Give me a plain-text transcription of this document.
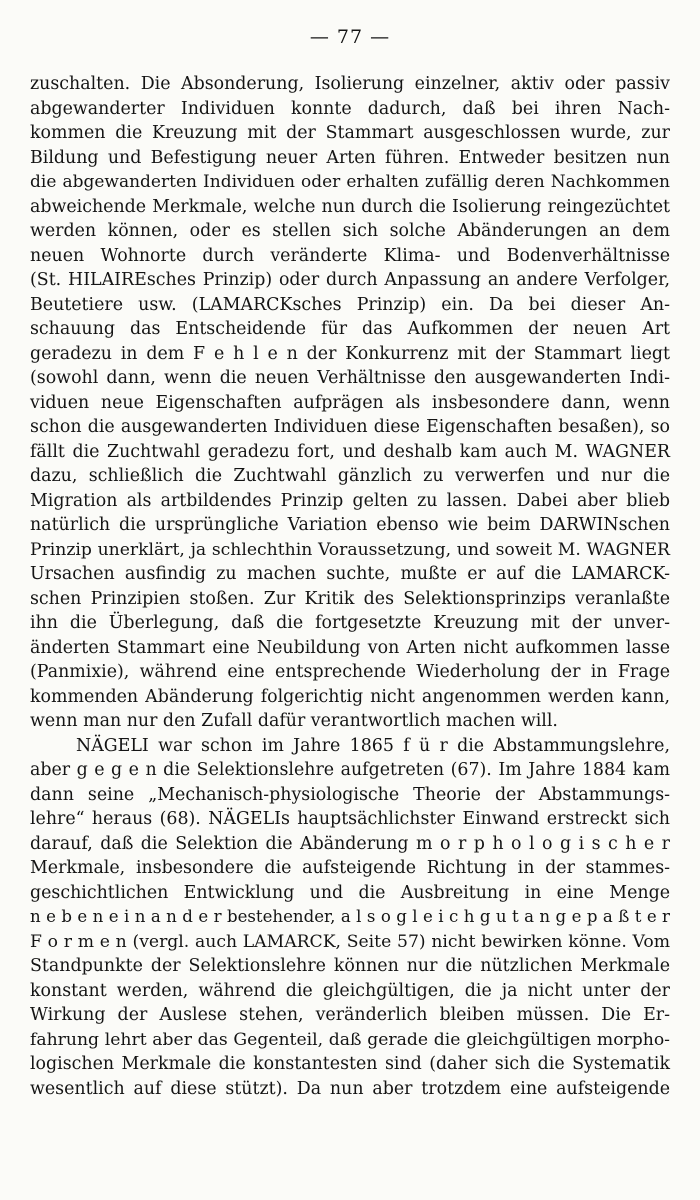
— 77 —
zuschalten. Die Absonderung, Isolierung einzelner, aktiv oder passiv
abgewanderter Individuen konnte dadurch, daß bei ihren Nach-
kommen die Kreuzung mit der Stammart ausgeschlossen wurde, zur
Bildung und Befestigung neuer Arten führen. Entweder besitzen nun
die abgewanderten Individuen oder erhalten zufällig deren Nachkommen
abweichende Merkmale, welche nun durch die Isolierung reingezüchtet
werden können, oder es stellen sich solche Abänderungen an dem
neuen Wohnorte durch veränderte Klima- und Bodenverhältnisse
(St. HILAIREsches Prinzip) oder durch Anpassung an andere Verfolger,
Beutetiere usw. (LAMARCKsches Prinzip) ein. Da bei dieser An-
schauung das Entscheidende für das Aufkommen der neuen Art
geradezu in dem F e h l e n der Konkurrenz mit der Stammart liegt
(sowohl dann, wenn die neuen Verhältnisse den ausgewanderten Indi-
viduen neue Eigenschaften aufprägen als insbesondere dann, wenn
schon die ausgewanderten Individuen diese Eigenschaften besaßen), so
fällt die Zuchtwahl geradezu fort, und deshalb kam auch M. WAGNER
dazu, schließlich die Zuchtwahl gänzlich zu verwerfen und nur die
Migration als artbildendes Prinzip gelten zu lassen. Dabei aber blieb
natürlich die ursprüngliche Variation ebenso wie beim DARWINschen
Prinzip unerklärt, ja schlechthin Voraussetzung, und soweit M. WAGNER
Ursachen ausfindig zu machen suchte, mußte er auf die LAMARCK-
schen Prinzipien stoßen. Zur Kritik des Selektionsprinzips veranlaßte
ihn die Überlegung, daß die fortgesetzte Kreuzung mit der unver-
änderten Stammart eine Neubildung von Arten nicht aufkommen lasse
(Panmixie), während eine entsprechende Wiederholung der in Frage
kommenden Abänderung folgerichtig nicht angenommen werden kann,
wenn man nur den Zufall dafür verantwortlich machen will.
NÄGELI war schon im Jahre 1865 f ü r die Abstammungslehre,
aber g e g e n die Selektionslehre aufgetreten (67). Im Jahre 1884 kam
dann seine „Mechanisch-physiologische Theorie der Abstammungs-
lehre“ heraus (68). NÄGELIs hauptsächlichster Einwand erstreckt sich
darauf, daß die Selektion die Abänderung m o r p h o l o g i s c h e r
Merkmale, insbesondere die aufsteigende Richtung in der stammes-
geschichtlichen Entwicklung und die Ausbreitung in eine Menge
n e b e n e i n a n d e r bestehender, a l s o g l e i c h g u t a n g e p a ß t e r
F o r m e n (vergl. auch LAMARCK, Seite 57) nicht bewirken könne. Vom
Standpunkte der Selektionslehre können nur die nützlichen Merkmale
konstant werden, während die gleichgültigen, die ja nicht unter der
Wirkung der Auslese stehen, veränderlich bleiben müssen. Die Er-
fahrung lehrt aber das Gegenteil, daß gerade die gleichgültigen morpho-
logischen Merkmale die konstantesten sind (daher sich die Systematik
wesentlich auf diese stützt). Da nun aber trotzdem eine aufsteigende
